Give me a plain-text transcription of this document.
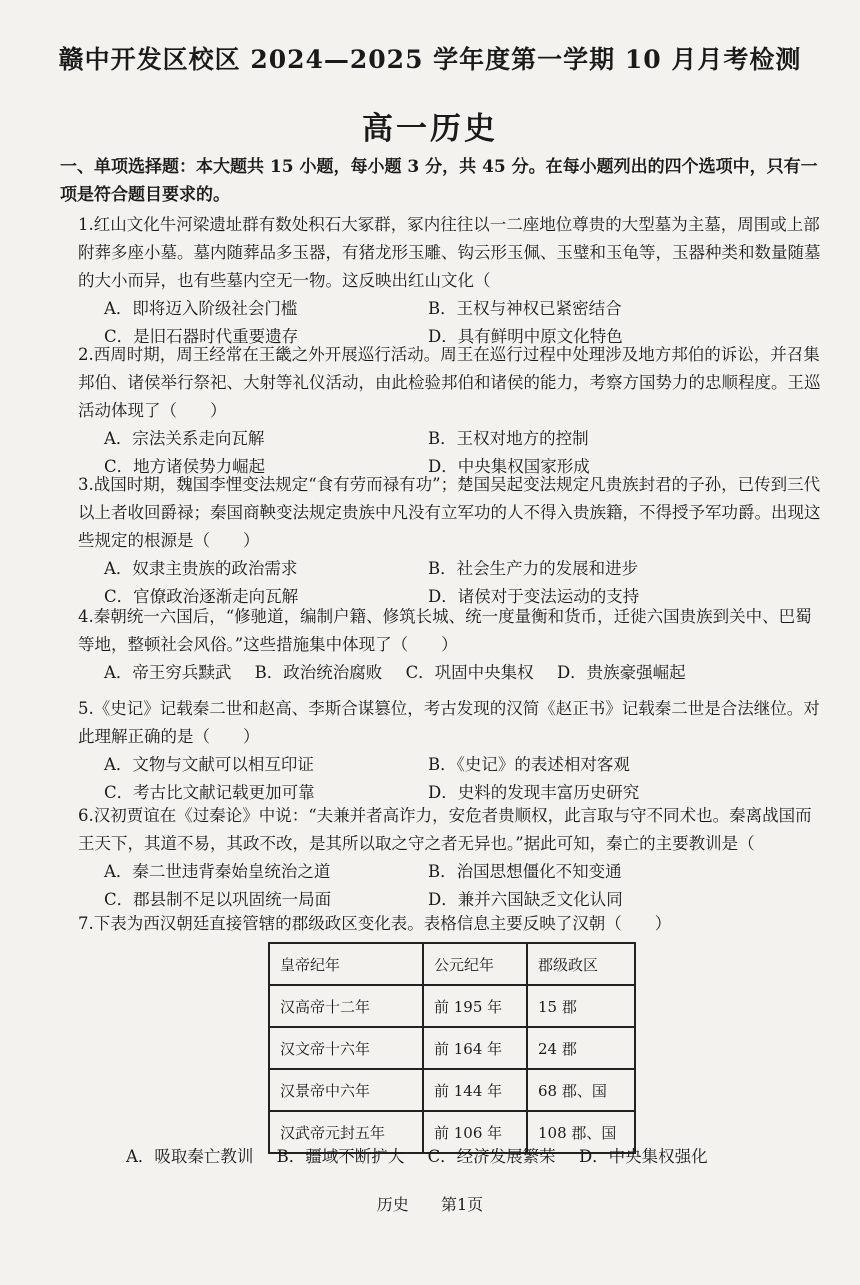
赣中开发区校区 2024—2025 学年度第一学期 10 月月考检测
高一历史
一、单项选择题：本大题共 15 小题，每小题 3 分，共 45 分。在每小题列出的四个选项中，只有一项是符合题目要求的。
1.红山文化牛河梁遗址群有数处积石大冢群，冢内往往以一二座地位尊贵的大型墓为主墓，周围或上部附葬多座小墓。墓内随葬品多玉器，有猪龙形玉雕、钩云形玉佩、玉璧和玉龟等，玉器种类和数量随墓的大小而异，也有些墓内空无一物。这反映出红山文化（
A．即将迈入阶级社会门槛	B．王权与神权已紧密结合
C．是旧石器时代重要遗存	D．具有鲜明中原文化特色
2.西周时期，周王经常在王畿之外开展巡行活动。周王在巡行过程中处理涉及地方邦伯的诉讼，并召集邦伯、诸侯举行祭祀、大射等礼仪活动，由此检验邦伯和诸侯的能力，考察方国势力的忠顺程度。王巡活动体现了（　　）
A．宗法关系走向瓦解	B．王权对地方的控制
C．地方诸侯势力崛起	D．中央集权国家形成
3.战国时期，魏国李悝变法规定“食有劳而禄有功”；楚国吴起变法规定凡贵族封君的子孙，已传到三代以上者收回爵禄；秦国商鞅变法规定贵族中凡没有立军功的人不得入贵族籍，不得授予军功爵。出现这些规定的根源是（　　）
A．奴隶主贵族的政治需求	B．社会生产力的发展和进步
C．官僚政治逐渐走向瓦解	D．诸侯对于变法运动的支持
4.秦朝统一六国后，“修驰道，编制户籍、修筑长城、统一度量衡和货币，迁徙六国贵族到关中、巴蜀等地，整顿社会风俗。”这些措施集中体现了（　　）
A．帝王穷兵黩武 B．政治统治腐败 C．巩固中央集权 D．贵族豪强崛起
5.《史记》记载秦二世和赵高、李斯合谋篡位，考古发现的汉简《赵正书》记载秦二世是合法继位。对此理解正确的是（　　）
A．文物与文献可以相互印证	B．《史记》的表述相对客观
C．考古比文献记载更加可靠	D．史料的发现丰富历史研究
6.汉初贾谊在《过秦论》中说：“夫兼并者高诈力，安危者贵顺权，此言取与守不同术也。秦离战国而王天下，其道不易，其政不改，是其所以取之守之者无异也。”据此可知，秦亡的主要教训是（
A．秦二世违背秦始皇统治之道	B．治国思想僵化不知变通
C．郡县制不足以巩固统一局面	D．兼并六国缺乏文化认同
7.下表为西汉朝廷直接管辖的郡级政区变化表。表格信息主要反映了汉朝（　　）
皇帝纪年	公元纪年	郡级政区
汉高帝十二年	前 195 年	15 郡
汉文帝十六年	前 164 年	24 郡
汉景帝中六年	前 144 年	68 郡、国
汉武帝元封五年	前 106 年	108 郡、国
A．吸取秦亡教训 B．疆域不断扩大 C．经济发展繁荣 D．中央集权强化
历史 第1页
